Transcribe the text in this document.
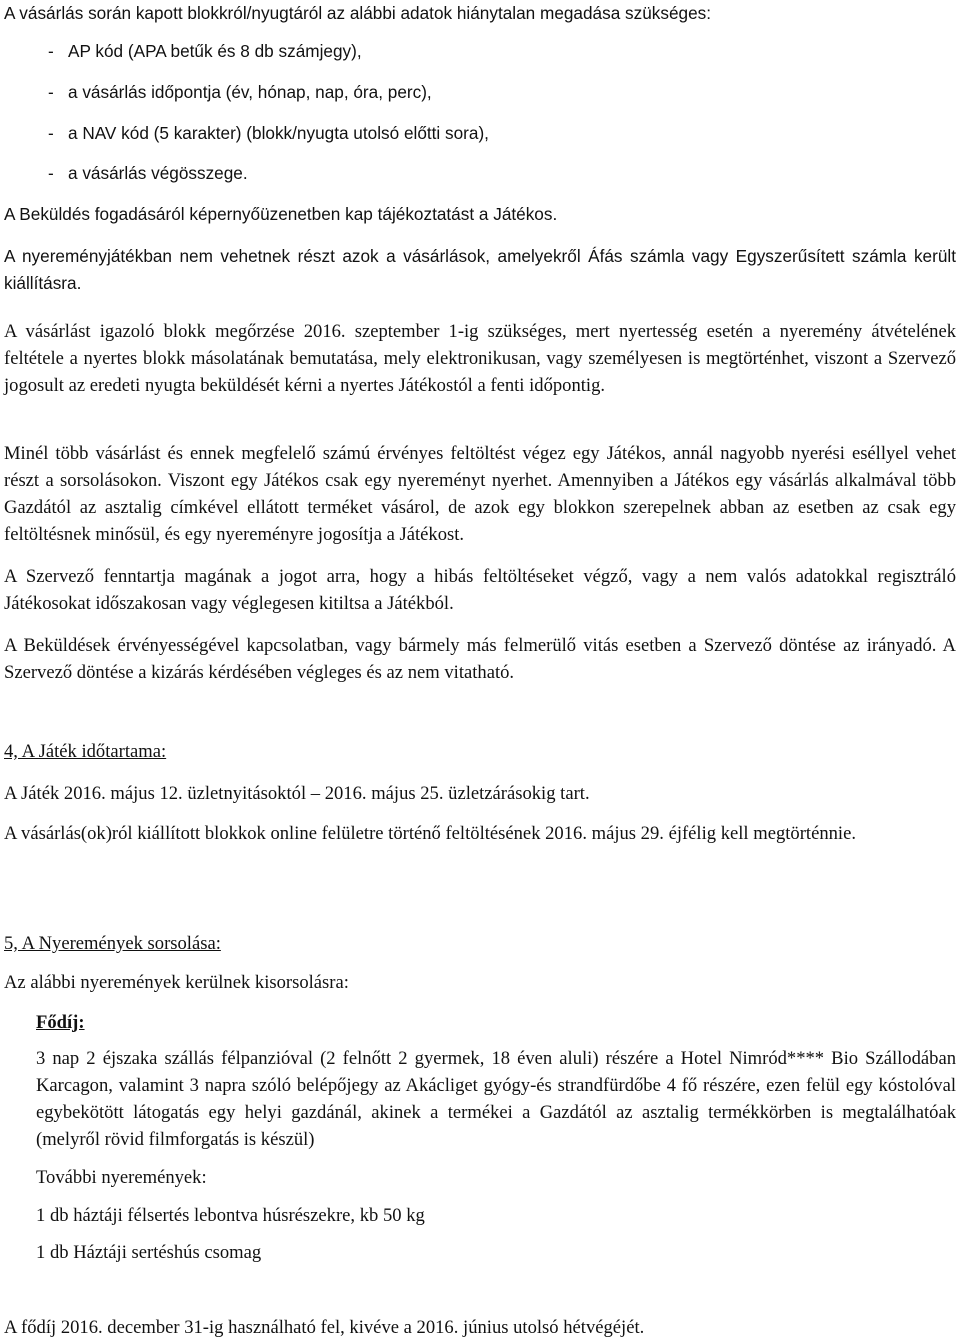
A vásárlás során kapott blokkról/nyugtáról az alábbi adatok hiánytalan megadása szükséges:

- AP kód (APA betűk és 8 db számjegy),
- a vásárlás időpontja (év, hónap, nap, óra, perc),
- a NAV kód (5 karakter) (blokk/nyugta utolsó előtti sora),
- a vásárlás végösszege.

A Beküldés fogadásáról képernyőüzenetben kap tájékoztatást a Játékos.

A nyereményjátékban nem vehetnek részt azok a vásárlások, amelyekről Áfás számla vagy Egyszerűsített számla került kiállításra.

A vásárlást igazoló blokk megőrzése 2016. szeptember 1-ig szükséges, mert nyertesség esetén a nyeremény átvételének feltétele a nyertes blokk másolatának bemutatása, mely elektronikusan, vagy személyesen is megtörténhet, viszont a Szervező jogosult az eredeti nyugta beküldését kérni a nyertes Játékostól a fenti időpontig.

Minél több vásárlást és ennek megfelelő számú érvényes feltöltést végez egy Játékos, annál nagyobb nyerési eséllyel vehet részt a sorsolásokon. Viszont egy Játékos csak egy nyereményt nyerhet. Amennyiben a Játékos egy vásárlás alkalmával több Gazdától az asztalig címkével ellátott terméket vásárol, de azok egy blokkon szerepelnek abban az esetben az csak egy feltöltésnek minősül, és egy nyereményre jogosítja a Játékost.

A Szervező fenntartja magának a jogot arra, hogy a hibás feltöltéseket végző, vagy a nem valós adatokkal regisztráló Játékosokat időszakosan vagy véglegesen kitiltsa a Játékból.

A Beküldések érvényességével kapcsolatban, vagy bármely más felmerülő vitás esetben a Szervező döntése az irányadó. A Szervező döntése a kizárás kérdésében végleges és az nem vitatható.

4, A Játék időtartama:

A Játék 2016. május 12. üzletnyitásoktól – 2016. május 25. üzletzárásokig tart.

A vásárlás(ok)ról kiállított blokkok online felületre történő feltöltésének 2016. május 29. éjfélig kell megtörténnie.

5, A Nyeremények sorsolása:

Az alábbi nyeremények kerülnek kisorsolásra:

Fődíj:

3 nap 2 éjszaka szállás félpanzióval (2 felnőtt 2 gyermek, 18 éven aluli) részére a Hotel Nimród**** Bio Szállodában Karcagon, valamint 3 napra szóló belépőjegy az Akácliget gyógy-és strandfürdőbe 4 fő részére, ezen felül egy kóstolóval egybekötött látogatás egy helyi gazdánál, akinek a termékei a Gazdától az asztalig termékkörben is megtalálhatóak (melyről rövid filmforgatás is készül)

További nyeremények:
1 db háztáji félsertés lebontva húsrészekre, kb 50 kg
1 db Háztáji sertéshús csomag

A fődíj 2016. december 31-ig használható fel, kivéve a 2016. június utolsó hétvégéjét.
